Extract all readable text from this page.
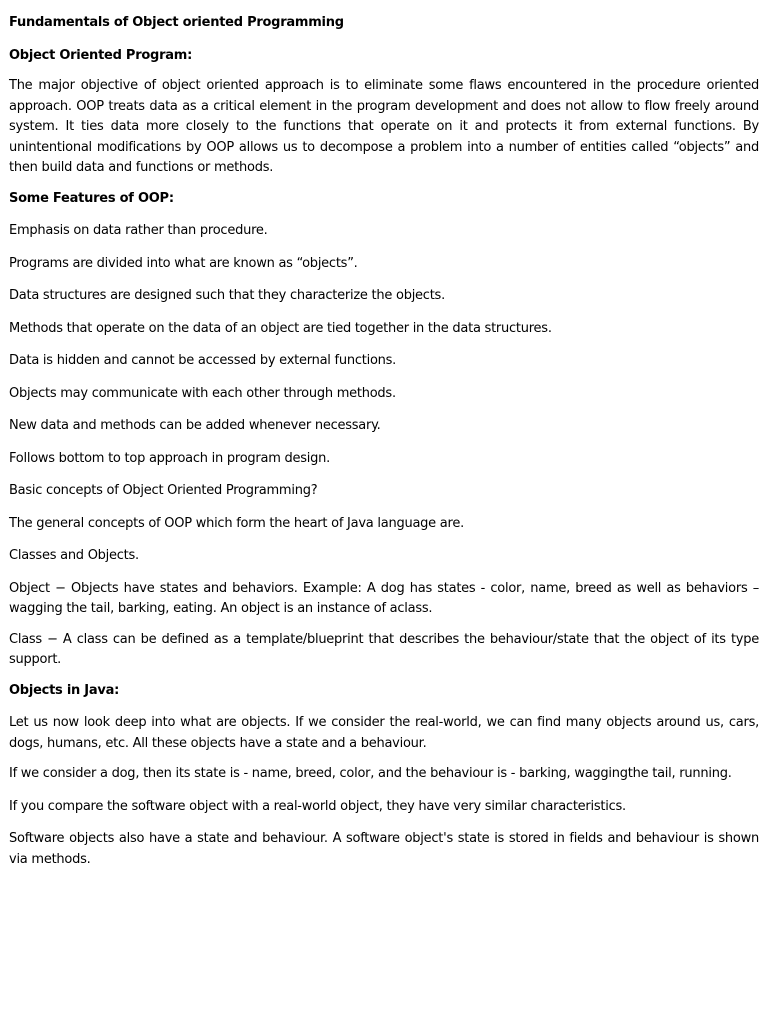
Fundamentals of Object oriented Programming

Object Oriented Program:

The major objective of object oriented approach is to eliminate some flaws encountered in the procedure oriented approach. OOP treats data as a critical element in the program development and does not allow to flow freely around system. It ties data more closely to the functions that operate on it and protects it from external functions. By unintentional modifications by OOP allows us to decompose a problem into a number of entities called “objects” and then build data and functions or methods.

Some Features of OOP:

Emphasis on data rather than procedure.

Programs are divided into what are known as “objects”.

Data structures are designed such that they characterize the objects.

Methods that operate on the data of an object are tied together in the data structures.

Data is hidden and cannot be accessed by external functions.

Objects may communicate with each other through methods.

New data and methods can be added whenever necessary.

Follows bottom to top approach in program design.

Basic concepts of Object Oriented Programming?

The general concepts of OOP which form the heart of Java language are.

Classes and Objects.

Object − Objects have states and behaviors. Example: A dog has states - color, name, breed as well as behaviors – wagging the tail, barking, eating. An object is an instance of aclass.

Class − A class can be defined as a template/blueprint that describes the behaviour/state that the object of its type support.

Objects in Java:

Let us now look deep into what are objects. If we consider the real-world, we can find many objects around us, cars, dogs, humans, etc. All these objects have a state and a behaviour.

If we consider a dog, then its state is - name, breed, color, and the behaviour is - barking, waggingthe tail, running.

If you compare the software object with a real-world object, they have very similar characteristics.

Software objects also have a state and behaviour. A software object's state is stored in fields and behaviour is shown via methods.
